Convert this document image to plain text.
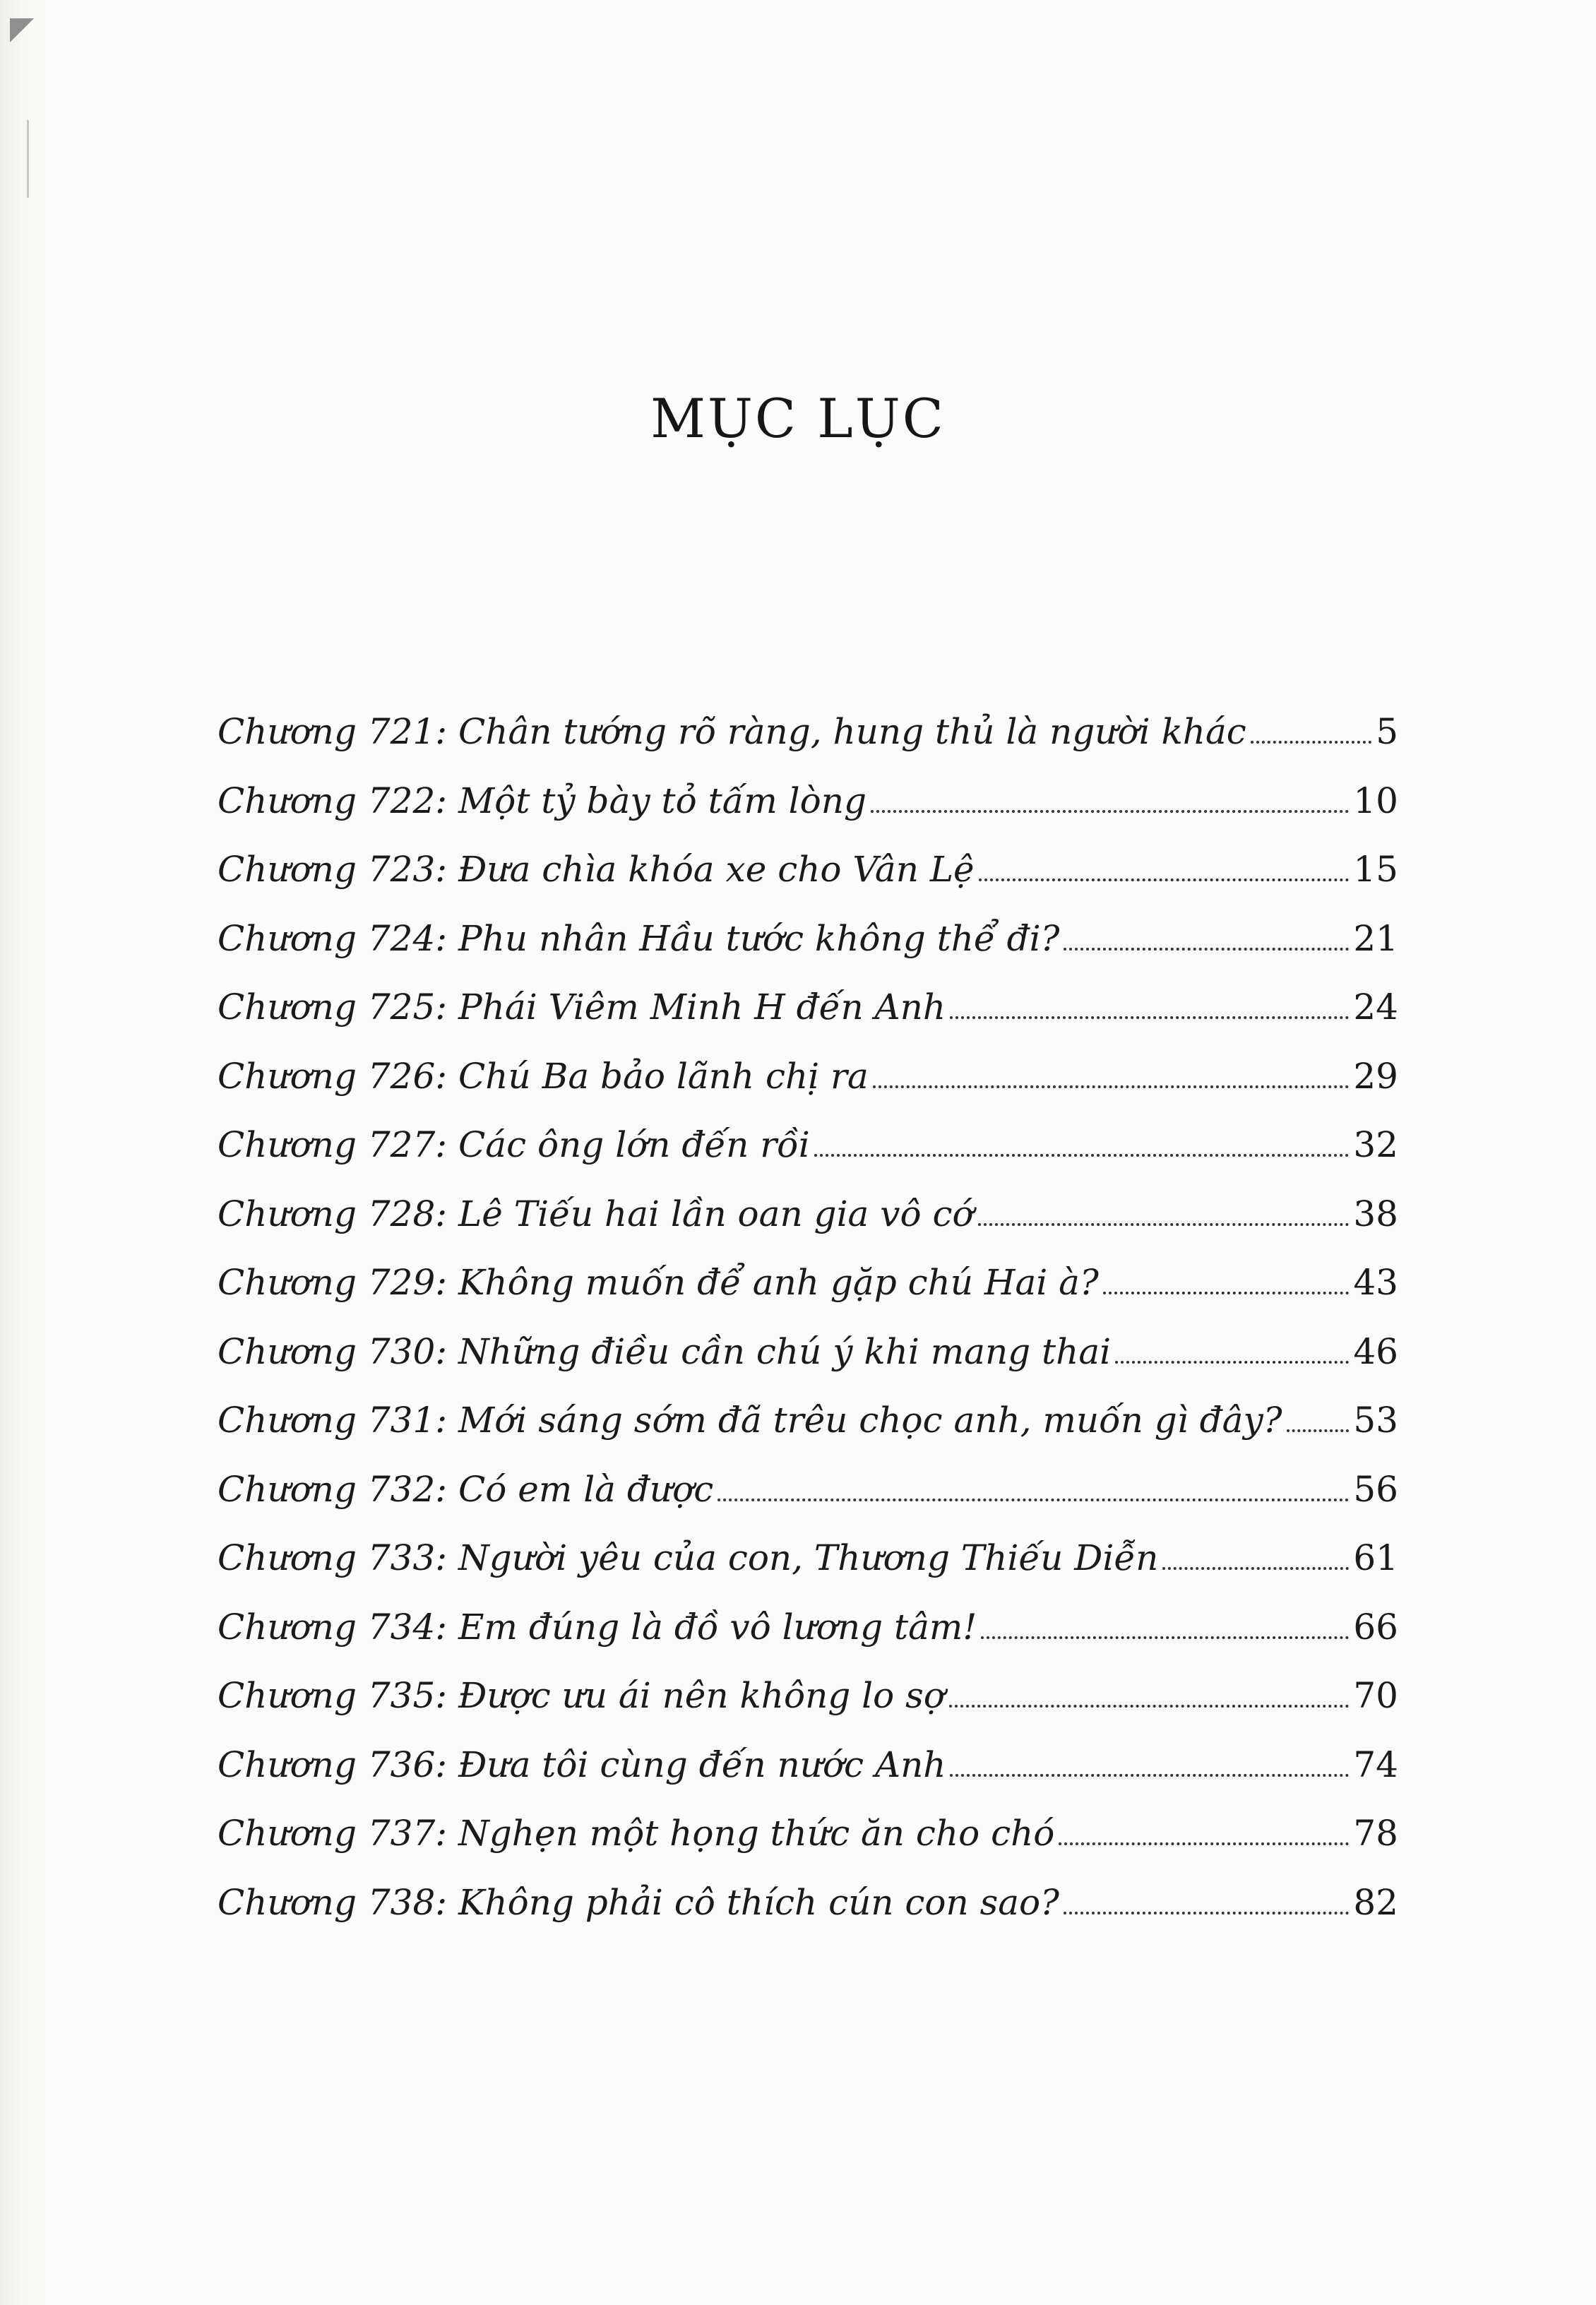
MỤC LỤC
Chương 721: Chân tướng rõ ràng, hung thủ là người khác	5
Chương 722: Một tỷ bày tỏ tấm lòng	10
Chương 723: Đưa chìa khóa xe cho Vân Lệ	15
Chương 724: Phu nhân Hầu tước không thể đi?	21
Chương 725: Phái Viêm Minh H đến Anh	24
Chương 726: Chú Ba bảo lãnh chị ra	29
Chương 727: Các ông lớn đến rồi	32
Chương 728: Lê Tiếu hai lần oan gia vô cớ	38
Chương 729: Không muốn để anh gặp chú Hai à?	43
Chương 730: Những điều cần chú ý khi mang thai	46
Chương 731: Mới sáng sớm đã trêu chọc anh, muốn gì đây? 53
Chương 732: Có em là được	56
Chương 733: Người yêu của con, Thương Thiếu Diễn	61
Chương 734: Em đúng là đồ vô lương tâm!	66
Chương 735: Được ưu ái nên không lo sợ	70
Chương 736: Đưa tôi cùng đến nước Anh	74
Chương 737: Nghẹn một họng thức ăn cho chó	78
Chương 738: Không phải cô thích cún con sao?	82
